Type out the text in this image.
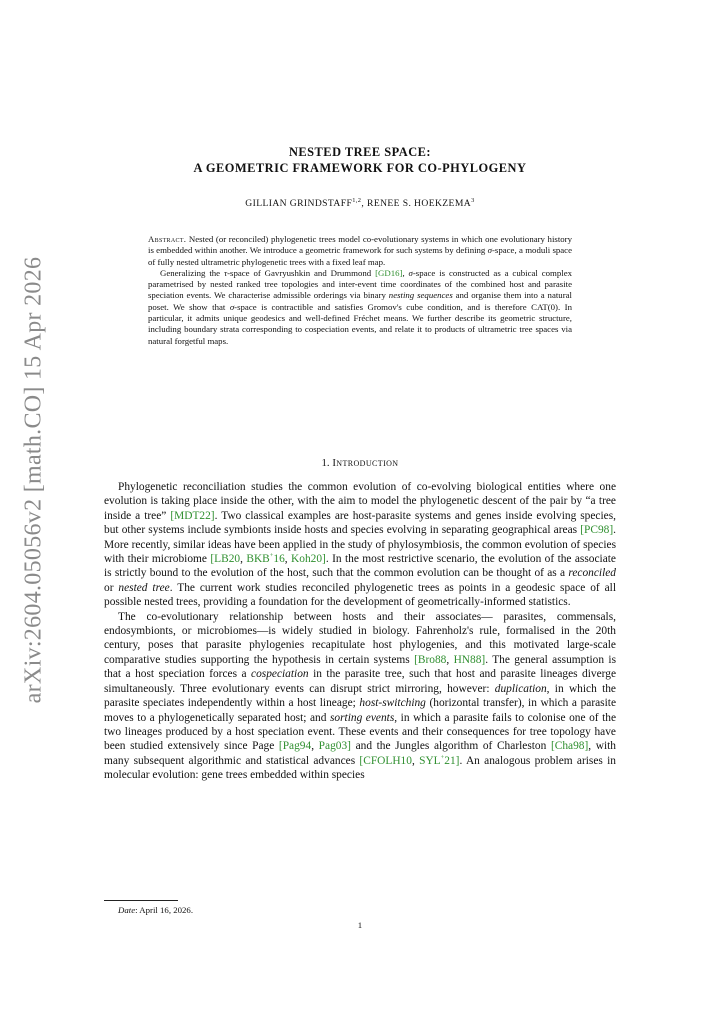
arXiv:2604.05056v2 [math.CO] 15 Apr 2026
NESTED TREE SPACE:
A GEOMETRIC FRAMEWORK FOR CO-PHYLOGENY
GILLIAN GRINDSTAFF$^{1,2}$, RENEE S. HOEKZEMA$^3$

Abstract. Nested (or reconciled) phylogenetic trees model co-evolutionary systems in which one evolutionary history is embedded within another. We introduce a geometric framework for such systems by defining σ-space, a moduli space of fully nested ultrametric phylogenetic trees with a fixed leaf map.

Generalizing the τ-space of Gavryushkin and Drummond [GD16], σ-space is constructed as a cubical complex parametrised by nested ranked tree topologies and inter-event time coordinates of the combined host and parasite speciation events. We characterise admissible orderings via binary nesting sequences and organise them into a natural poset. We show that σ-space is contractible and satisfies Gromov's cube condition, and is therefore CAT(0). In particular, it admits unique geodesics and well-defined Fréchet means. We further describe its geometric structure, including boundary strata corresponding to cospeciation events, and relate it to products of ultrametric tree spaces via natural forgetful maps.

1. Introduction

Phylogenetic reconciliation studies the common evolution of co-evolving biological entities where one evolution is taking place inside the other, with the aim to model the phylogenetic descent of the pair by “a tree inside a tree” [MDT22]. Two classical examples are host-parasite systems and genes inside evolving species, but other systems include symbionts inside hosts and species evolving in separating geographical areas [PC98]. More recently, similar ideas have been applied in the study of phylosymbiosis, the common evolution of species with their microbiome [LB20, BKB+16, Koh20]. In the most restrictive scenario, the evolution of the associate is strictly bound to the evolution of the host, such that the common evolution can be thought of as a reconciled or nested tree. The current work studies reconciled phylogenetic trees as points in a geodesic space of all possible nested trees, providing a foundation for the development of geometrically-informed statistics.

The co-evolutionary relationship between hosts and their associates— parasites, commensals, endosymbionts, or microbiomes—is widely studied in biology. Fahrenholz's rule, formalised in the 20th century, poses that parasite phylogenies recapitulate host phylogenies, and this motivated large-scale comparative studies supporting the hypothesis in certain systems [Bro88, HN88]. The general assumption is that a host speciation forces a cospeciation in the parasite tree, such that host and parasite lineages diverge simultaneously. Three evolutionary events can disrupt strict mirroring, however: duplication, in which the parasite speciates independently within a host lineage; host-switching (horizontal transfer), in which a parasite moves to a phylogenetically separated host; and sorting events, in which a parasite fails to colonise one of the two lineages produced by a host speciation event. These events and their consequences for tree topology have been studied extensively since Page [Pag94, Pag03] and the Jungles algorithm of Charleston [Cha98], with many subsequent algorithmic and statistical advances [CFOLH10, SYL+21]. An analogous problem arises in molecular evolution: gene trees embedded within species

Date: April 16, 2026.
1
